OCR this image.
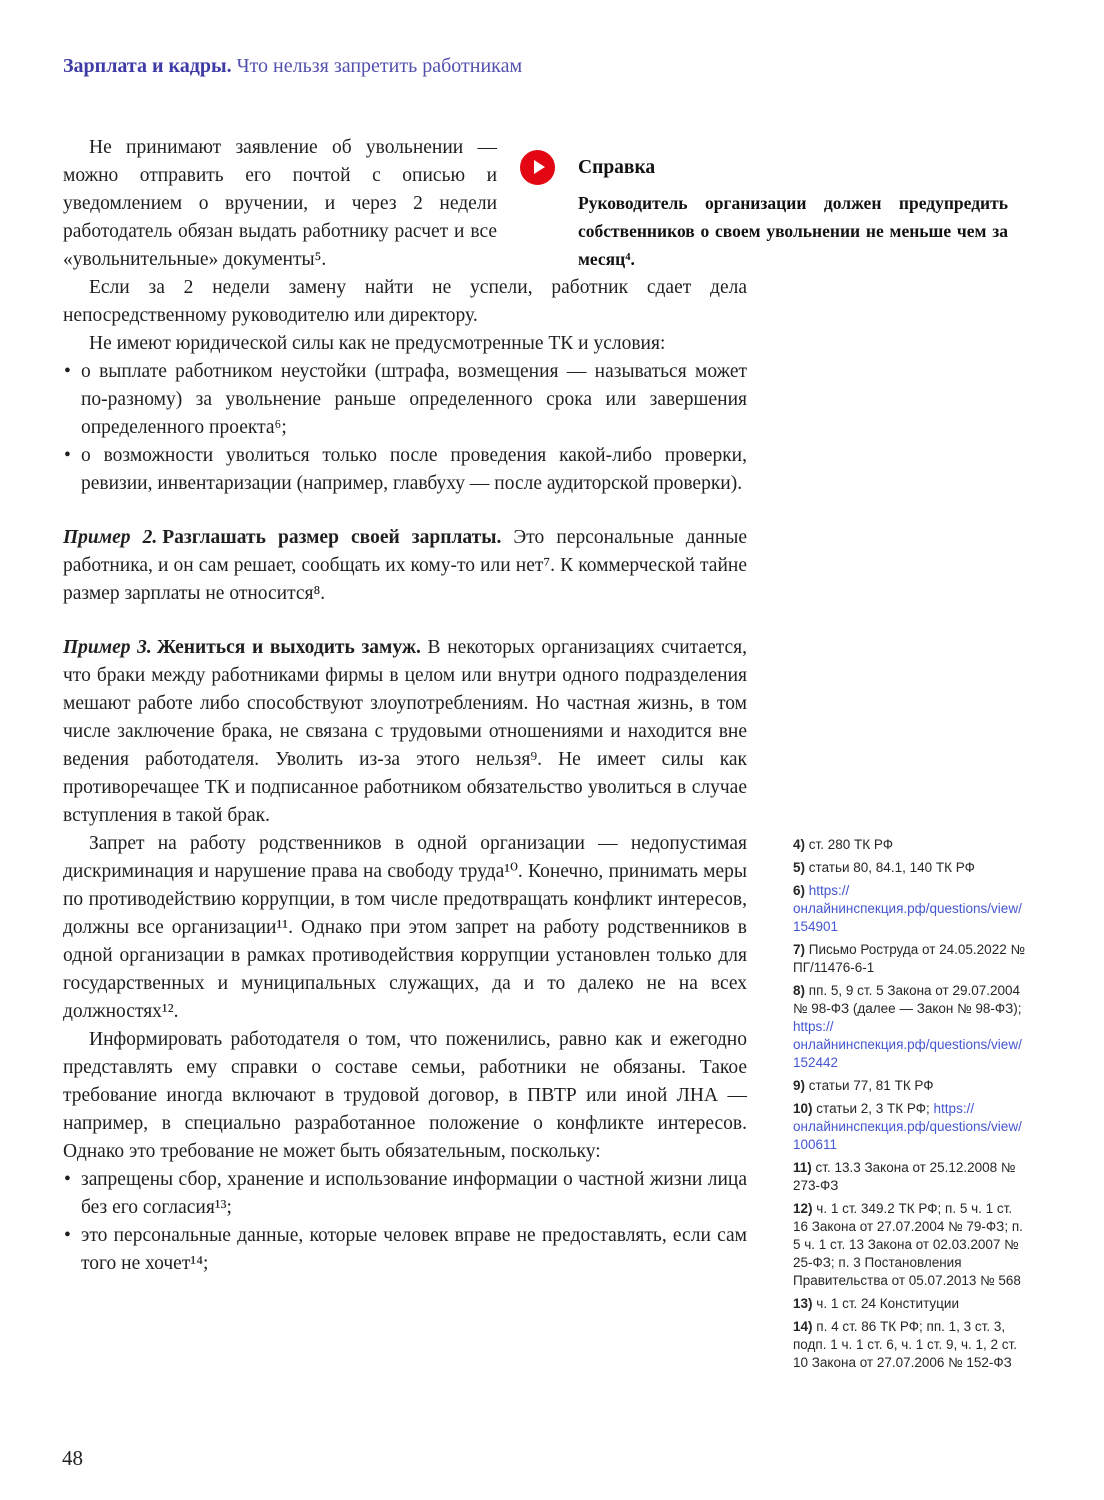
Зарплата и кадры. Что нельзя запретить работникам

Не принимают заявление об увольнении — можно отправить его почтой с описью и уведомлением о вручении, и через 2 недели работодатель обязан выдать работнику расчет и все «увольнительные» документы⁵.

Если за 2 недели замену найти не успели, работник сдает дела непосредственному руководителю или директору.

Не имеют юридической силы как не предусмотренные ТК и условия:

• о выплате работником неустойки (штрафа, возмещения — называться может по-разному) за увольнение раньше определенного срока или завершения определенного проекта⁶;
• о возможности уволиться только после проведения какой-либо проверки, ревизии, инвентаризации (например, главбуху — после аудиторской проверки).

Пример 2. Разглашать размер своей зарплаты. Это персональные данные работника, и он сам решает, сообщать их кому-то или нет⁷. К коммерческой тайне размер зарплаты не относится⁸.

Пример 3. Жениться и выходить замуж. В некоторых организациях считается, что браки между работниками фирмы в целом или внутри одного подразделения мешают работе либо способствуют злоупотреблениям. Но частная жизнь, в том числе заключение брака, не связана с трудовыми отношениями и находится вне ведения работодателя. Уволить из-за этого нельзя⁹. Не имеет силы как противоречащее ТК и подписанное работником обязательство уволиться в случае вступления в такой брак.

Запрет на работу родственников в одной организации — недопустимая дискриминация и нарушение права на свободу труда¹⁰. Конечно, принимать меры по противодействию коррупции, в том числе предотвращать конфликт интересов, должны все организации¹¹. Однако при этом запрет на работу родственников в одной организации в рамках противодействия коррупции установлен только для государственных и муниципальных служащих, да и то далеко не на всех должностях¹².

Информировать работодателя о том, что поженились, равно как и ежегодно представлять ему справки о составе семьи, работники не обязаны. Такое требование иногда включают в трудовой договор, в ПВТР или иной ЛНА — например, в специально разработанное положение о конфликте интересов. Однако это требование не может быть обязательным, поскольку:

• запрещены сбор, хранение и использование информации о частной жизни лица без его согласия¹³;
• это персональные данные, которые человек вправе не предоставлять, если сам того не хочет¹⁴;
Справка

Руководитель организации должен предупредить собственников о своем увольнении не меньше чем за месяц⁴.

4) ст. 280 ТК РФ
5) статьи 80, 84.1, 140 ТК РФ
6) https://онлайнинспекция.рф/questions/view/154901
7) Письмо Роструда от 24.05.2022 № ПГ/11476-6-1
8) пп. 5, 9 ст. 5 Закона от 29.07.2004 № 98-ФЗ (далее — Закон № 98-ФЗ); https://онлайнинспекция.рф/questions/view/152442
9) статьи 77, 81 ТК РФ
10) статьи 2, 3 ТК РФ; https://онлайнинспекция.рф/questions/view/100611
11) ст. 13.3 Закона от 25.12.2008 № 273-ФЗ
12) ч. 1 ст. 349.2 ТК РФ; п. 5 ч. 1 ст. 16 Закона от 27.07.2004 № 79-ФЗ; п. 5 ч. 1 ст. 13 Закона от 02.03.2007 № 25-ФЗ; п. 3 Постановления Правительства от 05.07.2013 № 568
13) ч. 1 ст. 24 Конституции
14) п. 4 ст. 86 ТК РФ; пп. 1, 3 ст. 3, подп. 1 ч. 1 ст. 6, ч. 1 ст. 9, ч. 1, 2 ст. 10 Закона от 27.07.2006 № 152-ФЗ
48
